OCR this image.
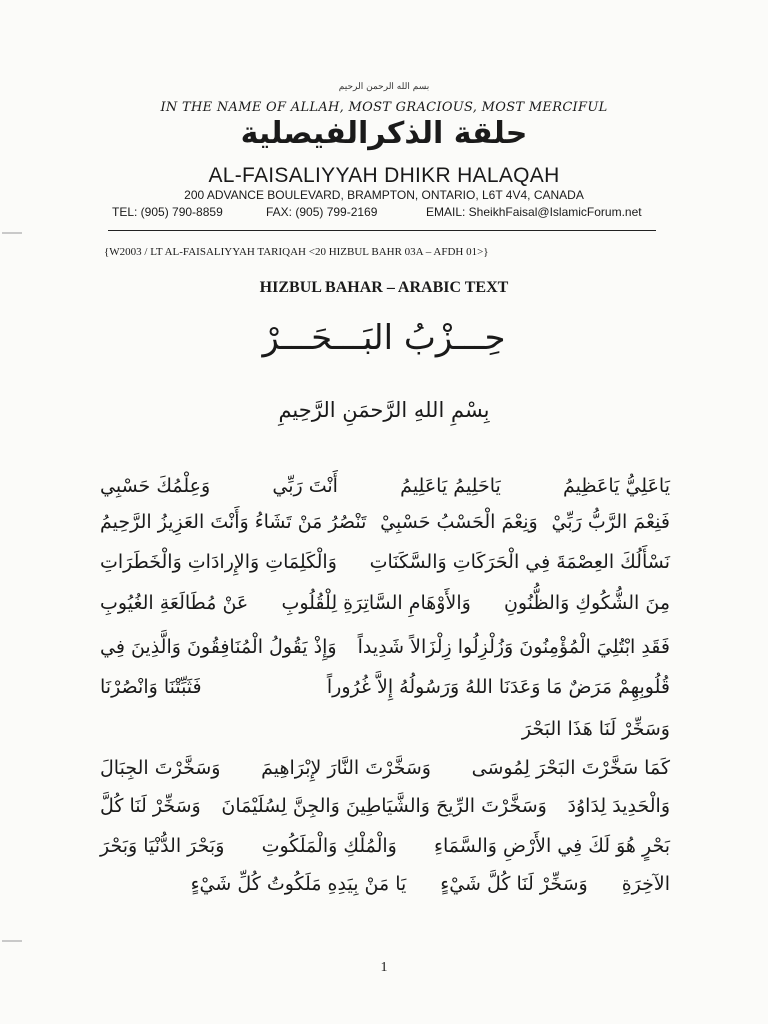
بسم الله الرحمن الرحيم
IN THE NAME OF ALLAH, MOST GRACIOUS, MOST MERCIFUL
حلقة الذكرالفيصلية
AL-FAISALIYYAH DHIKR HALAQAH
200 ADVANCE BOULEVARD, BRAMPTON, ONTARIO, L6T 4V4, CANADA
TEL: (905) 790-8859	FAX: (905) 799-2169	EMAIL: SheikhFaisal@IslamicForum.net
{W2003 / LT AL-FAISALIYYAH TARIQAH <20 HIZBUL BAHR 03A – AFDH 01>}
HIZBUL BAHAR – ARABIC TEXT
حِـــزْبُ البَـــحَـــرْ
بِسْمِ اللهِ الرَّحمَنِ الرَّحِيمِ
يَاعَلِيُّ يَاعَظِيمُ
يَاحَلِيمُ يَاعَلِيمُ
أَنْتَ رَبِّي
وَعِلْمُكَ حَسْبِي
فَنِعْمَ الرَّبُّ رَبِّيْ
وَنِعْمَ الْحَسْبُ حَسْبِيْ
تَنْصُرُ مَنْ تَشَاءُ وَأَنْتَ العَزِيزُ الرَّحِيمُ
نَسْأَلُكَ العِصْمَةَ فِي الْحَرَكَاتِ وَالسَّكَنَاتِ
وَالْكَلِمَاتِ وَالإِرادَاتِ وَالْخَطَرَاتِ
مِنَ الشُّكُوكِ وَالظُّنُونِ
وَالأَوْهَامِ السَّاتِرَةِ لِلْقُلُوبِ
عَنْ مُطَالَعَةِ الغُيُوبِ
فَقَدِ ابْتُلِيَ الْمُؤْمِنُونَ وَزُلْزِلُوا زِلْزَالاً شَدِيداً
وَإِذْ يَقُولُ الْمُنَافِقُونَ وَالَّذِينَ فِي
قُلُوبِهِمْ مَرَضٌ مَا وَعَدَنَا اللهُ وَرَسُولُهُ إِلاَّ غُرُوراً
فَثَبِّتْنَا وَانْصُرْنَا
وَسَخِّرْ لَنَا هَذَا البَحْرَ
كَمَا سَخَّرْتَ البَحْرَ لِمُوسَى
وَسَخَّرْتَ النَّارَ لإِبْرَاهِيمَ
وَسَخَّرْتَ الجِبَالَ
وَالْحَدِيدَ لِدَاوُدَ
وَسَخَّرْتَ الرِّيحَ وَالشَّيَاطِينَ وَالجِنَّ لِسُلَيْمَانَ
وَسَخِّرْ لَنَا كُلَّ
بَحْرٍ هُوَ لَكَ فِي الأَرْضِ وَالسَّمَاءِ
وَالْمُلْكِ وَالْمَلَكُوتِ
وَبَحْرَ الدُّنْيَا وَبَحْرَ
الآخِرَةِ
وَسَخِّرْ لَنَا كُلَّ شَيْءٍ
يَا مَنْ بِيَدِهِ مَلَكُوتُ كُلِّ شَيْءٍ
1
